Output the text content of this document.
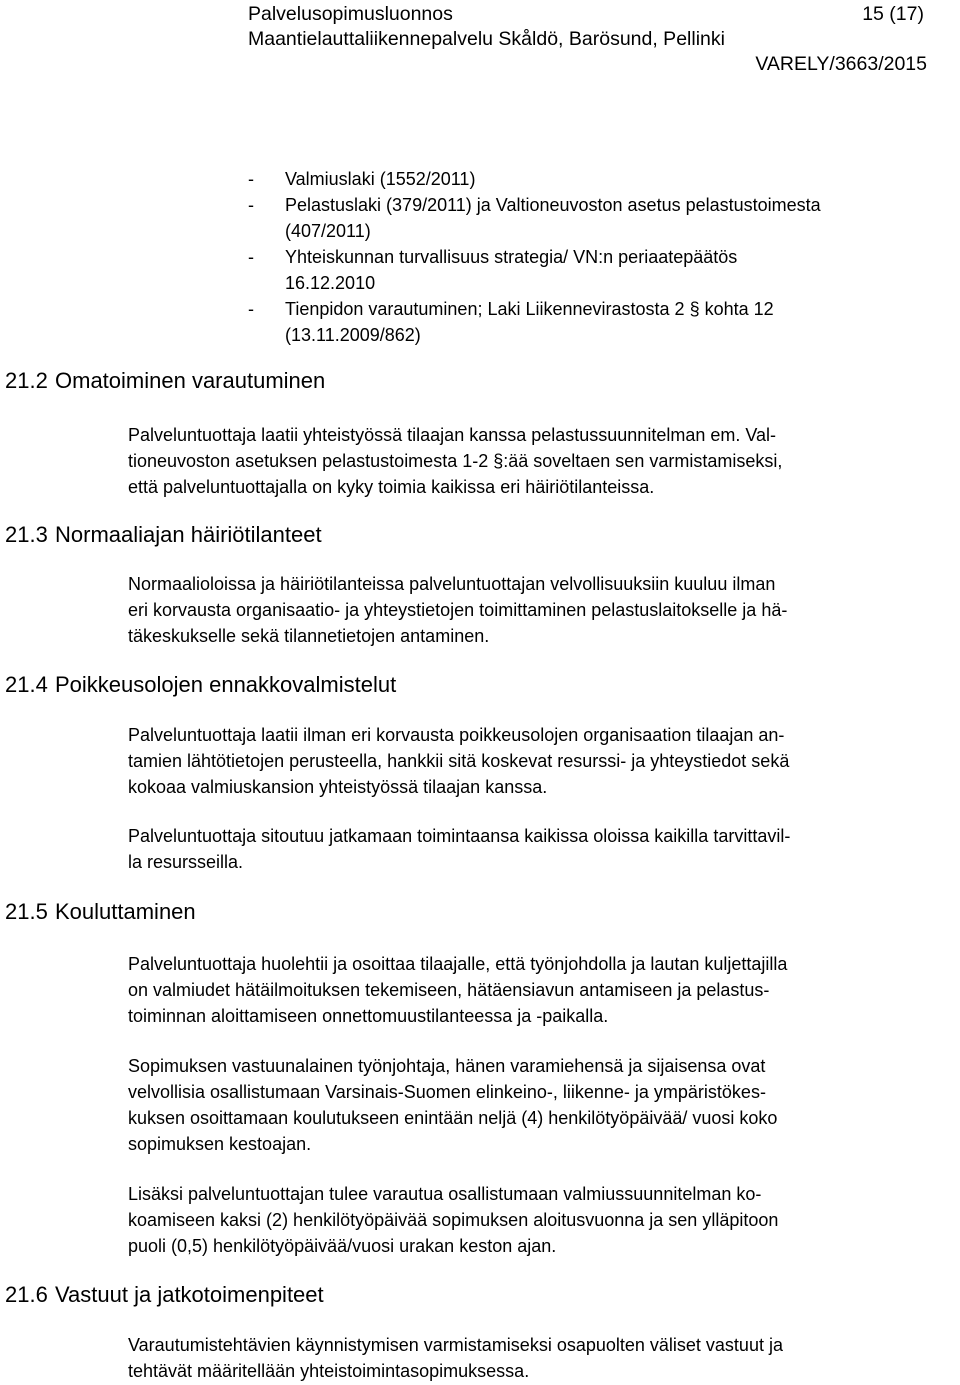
Palvelusopimusluonnos	15 (17)
Maantielauttaliikennepalvelu Skåldö, Barösund, Pellinki
VARELY/3663/2015
- Valmiuslaki (1552/2011)
- Pelastuslaki (379/2011) ja Valtioneuvoston asetus pelastustoimesta
(407/2011)
- Yhteiskunnan turvallisuus strategia/ VN:n periaatepäätös
16.12.2010
- Tienpidon varautuminen; Laki Liikennevirastosta 2 § kohta 12
(13.11.2009/862)
21.2 Omatoiminen varautuminen

Palveluntuottaja laatii yhteistyössä tilaajan kanssa pelastussuunnitelman em. Val-
tioneuvoston asetuksen pelastustoimesta 1-2 §:ää soveltaen sen varmistamiseksi,
että palveluntuottajalla on kyky toimia kaikissa eri häiriötilanteissa.

21.3 Normaaliajan häiriötilanteet

Normaalioloissa ja häiriötilanteissa palveluntuottajan velvollisuuksiin kuuluu ilman
eri korvausta organisaatio- ja yhteystietojen toimittaminen pelastuslaitokselle ja hä-
täkeskukselle sekä tilannetietojen antaminen.

21.4 Poikkeusolojen ennakkovalmistelut

Palveluntuottaja laatii ilman eri korvausta poikkeusolojen organisaation tilaajan an-
tamien lähtötietojen perusteella, hankkii sitä koskevat resurssi- ja yhteystiedot sekä
kokoaa valmiuskansion yhteistyössä tilaajan kanssa.

Palveluntuottaja sitoutuu jatkamaan toimintaansa kaikissa oloissa kaikilla tarvittavil-
la resursseilla.

21.5 Kouluttaminen

Palveluntuottaja huolehtii ja osoittaa tilaajalle, että työnjohdolla ja lautan kuljettajilla
on valmiudet hätäilmoituksen tekemiseen, hätäensiavun antamiseen ja pelastus-
toiminnan aloittamiseen onnettomuustilanteessa ja -paikalla.

Sopimuksen vastuunalainen työnjohtaja, hänen varamiehensä ja sijaisensa ovat
velvollisia osallistumaan Varsinais-Suomen elinkeino-, liikenne- ja ympäristökes-
kuksen osoittamaan koulutukseen enintään neljä (4) henkilötyöpäivää/ vuosi koko
sopimuksen kestoajan.

Lisäksi palveluntuottajan tulee varautua osallistumaan valmiussuunnitelman ko-
koamiseen kaksi (2) henkilötyöpäivää sopimuksen aloitusvuonna ja sen ylläpitoon
puoli (0,5) henkilötyöpäivää/vuosi urakan keston ajan.

21.6 Vastuut ja jatkotoimenpiteet

Varautumistehtävien käynnistymisen varmistamiseksi osapuolten väliset vastuut ja
tehtävät määritellään yhteistoimintasopimuksessa.
